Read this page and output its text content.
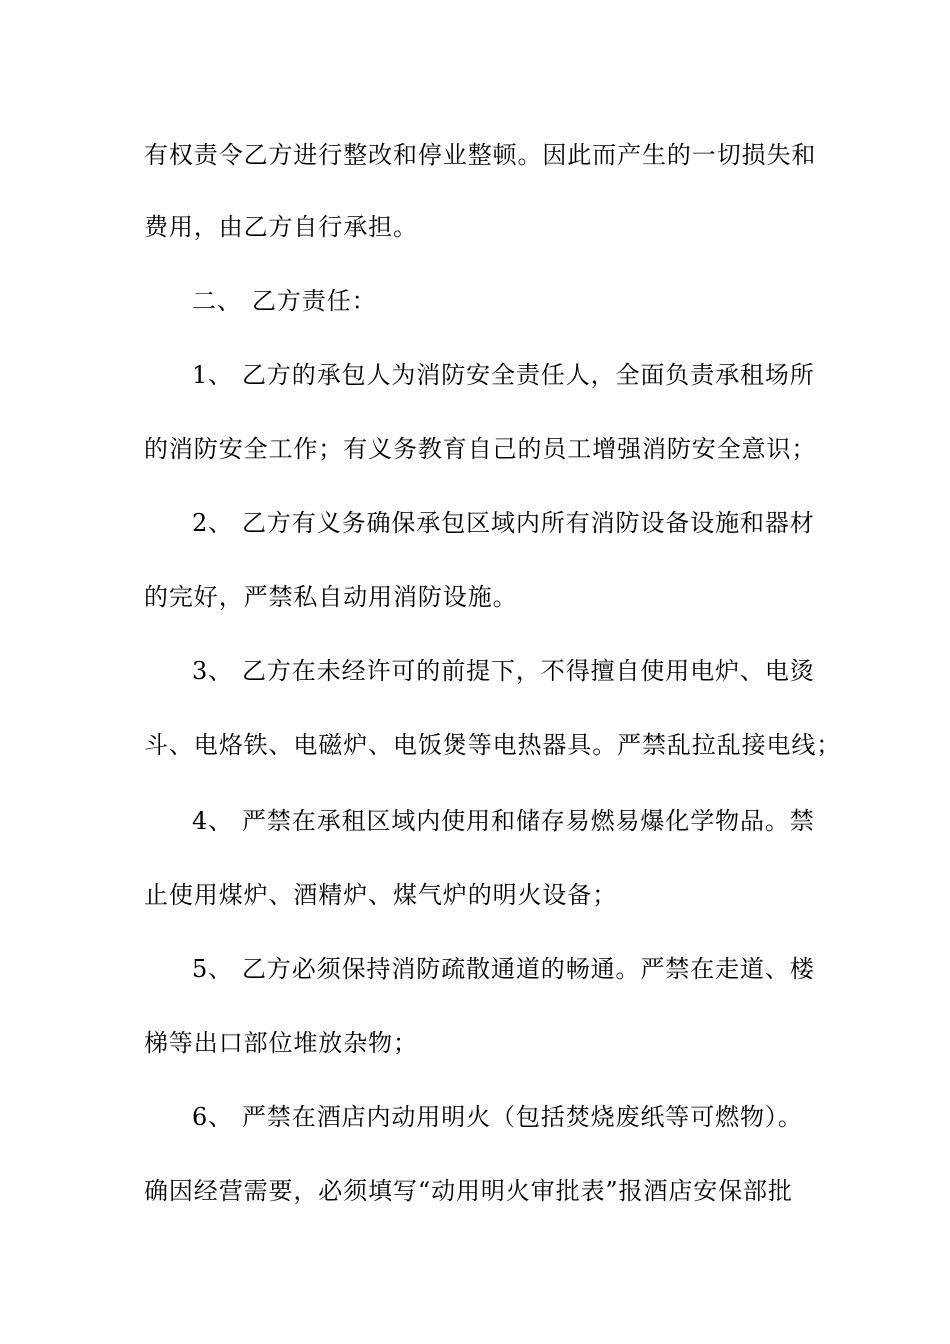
有权责令乙方进行整改和停业整顿。因此而产生的一切损失和
费用，由乙方自行承担。
二、 乙方责任：
1、 乙方的承包人为消防安全责任人，全面负责承租场所
的消防安全工作；有义务教育自己的员工增强消防安全意识；
2、 乙方有义务确保承包区域内所有消防设备设施和器材
的完好，严禁私自动用消防设施。
3、 乙方在未经许可的前提下，不得擅自使用电炉、电烫
斗、电烙铁、电磁炉、电饭煲等电热器具。严禁乱拉乱接电线；
4、 严禁在承租区域内使用和储存易燃易爆化学物品。禁
止使用煤炉、酒精炉、煤气炉的明火设备；
5、 乙方必须保持消防疏散通道的畅通。严禁在走道、楼
梯等出口部位堆放杂物；
6、 严禁在酒店内动用明火（包括焚烧废纸等可燃物）。
确因经营需要，必须填写“动用明火审批表”报酒店安保部批
